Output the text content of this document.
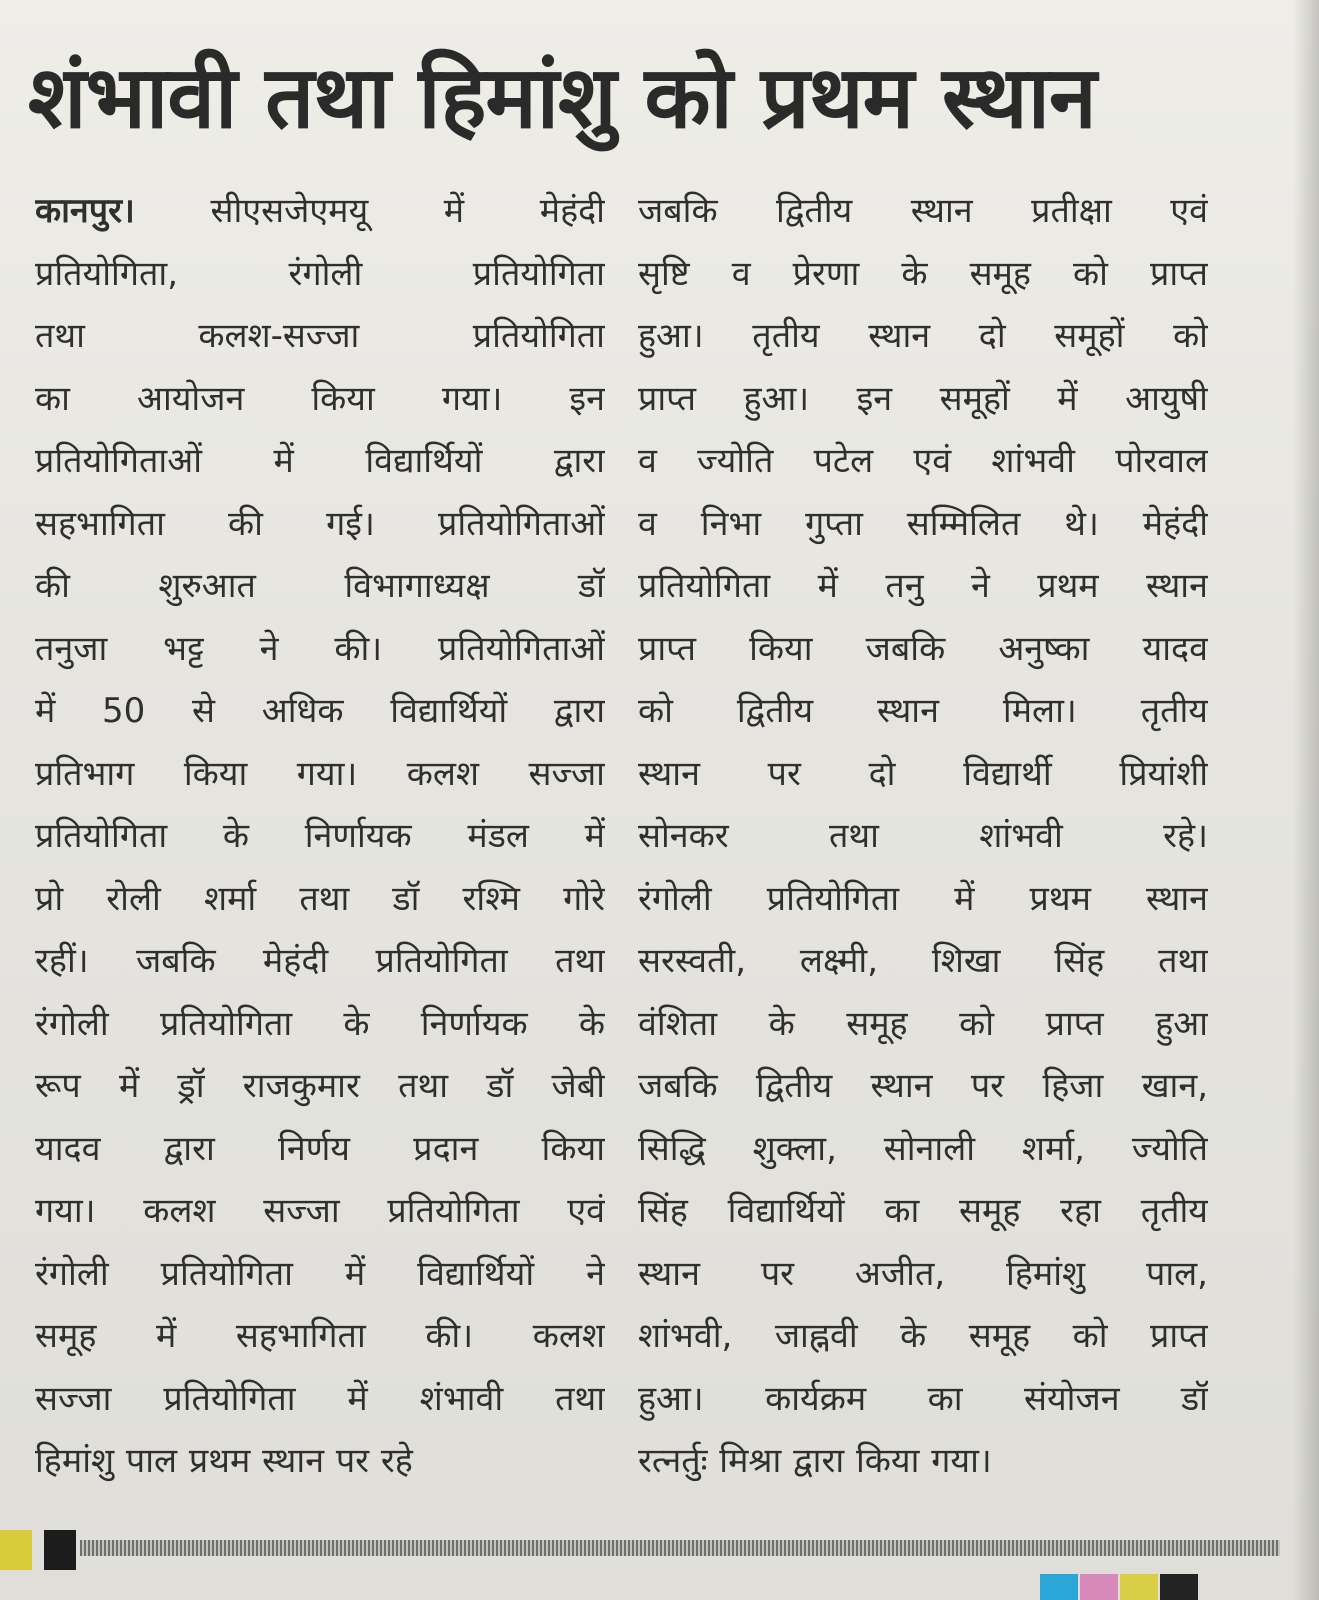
शंभावी तथा हिमांशु को प्रथम स्थान
कानपुर। सीएसजेएमयू में मेहंदी
प्रतियोगिता, रंगोली प्रतियोगिता
तथा कलश-सज्जा प्रतियोगिता
का आयोजन किया गया। इन
प्रतियोगिताओं में विद्यार्थियों द्वारा
सहभागिता की गई। प्रतियोगिताओं
की शुरुआत विभागाध्यक्ष डॉ
तनुजा भट्ट ने की। प्रतियोगिताओं
में 50 से अधिक विद्यार्थियों द्वारा
प्रतिभाग किया गया। कलश सज्जा
प्रतियोगिता के निर्णायक मंडल में
प्रो रोली शर्मा तथा डॉ रश्मि गोरे
रहीं। जबकि मेहंदी प्रतियोगिता तथा
रंगोली प्रतियोगिता के निर्णायक के
रूप में ड्रॉ राजकुमार तथा डॉ जेबी
यादव द्वारा निर्णय प्रदान किया
गया। कलश सज्जा प्रतियोगिता एवं
रंगोली प्रतियोगिता में विद्यार्थियों ने
समूह में सहभागिता की। कलश
सज्जा प्रतियोगिता में शंभावी तथा
हिमांशु पाल प्रथम स्थान पर रहे
जबकि द्वितीय स्थान प्रतीक्षा एवं
सृष्टि व प्रेरणा के समूह को प्राप्त
हुआ। तृतीय स्थान दो समूहों को
प्राप्त हुआ। इन समूहों में आयुषी
व ज्योति पटेल एवं शांभवी पोरवाल
व निभा गुप्ता सम्मिलित थे। मेहंदी
प्रतियोगिता में तनु ने प्रथम स्थान
प्राप्त किया जबकि अनुष्का यादव
को द्वितीय स्थान मिला। तृतीय
स्थान पर दो विद्यार्थी प्रियांशी
सोनकर तथा शांभवी रहे।
रंगोली प्रतियोगिता में प्रथम स्थान
सरस्वती, लक्ष्मी, शिखा सिंह तथा
वंशिता के समूह को प्राप्त हुआ
जबकि द्वितीय स्थान पर हिजा खान,
सिद्धि शुक्ला, सोनाली शर्मा, ज्योति
सिंह विद्यार्थियों का समूह रहा तृतीय
स्थान पर अजीत, हिमांशु पाल,
शांभवी, जाह्नवी के समूह को प्राप्त
हुआ। कार्यक्रम का संयोजन डॉ
रत्नर्तुः मिश्रा द्वारा किया गया।
